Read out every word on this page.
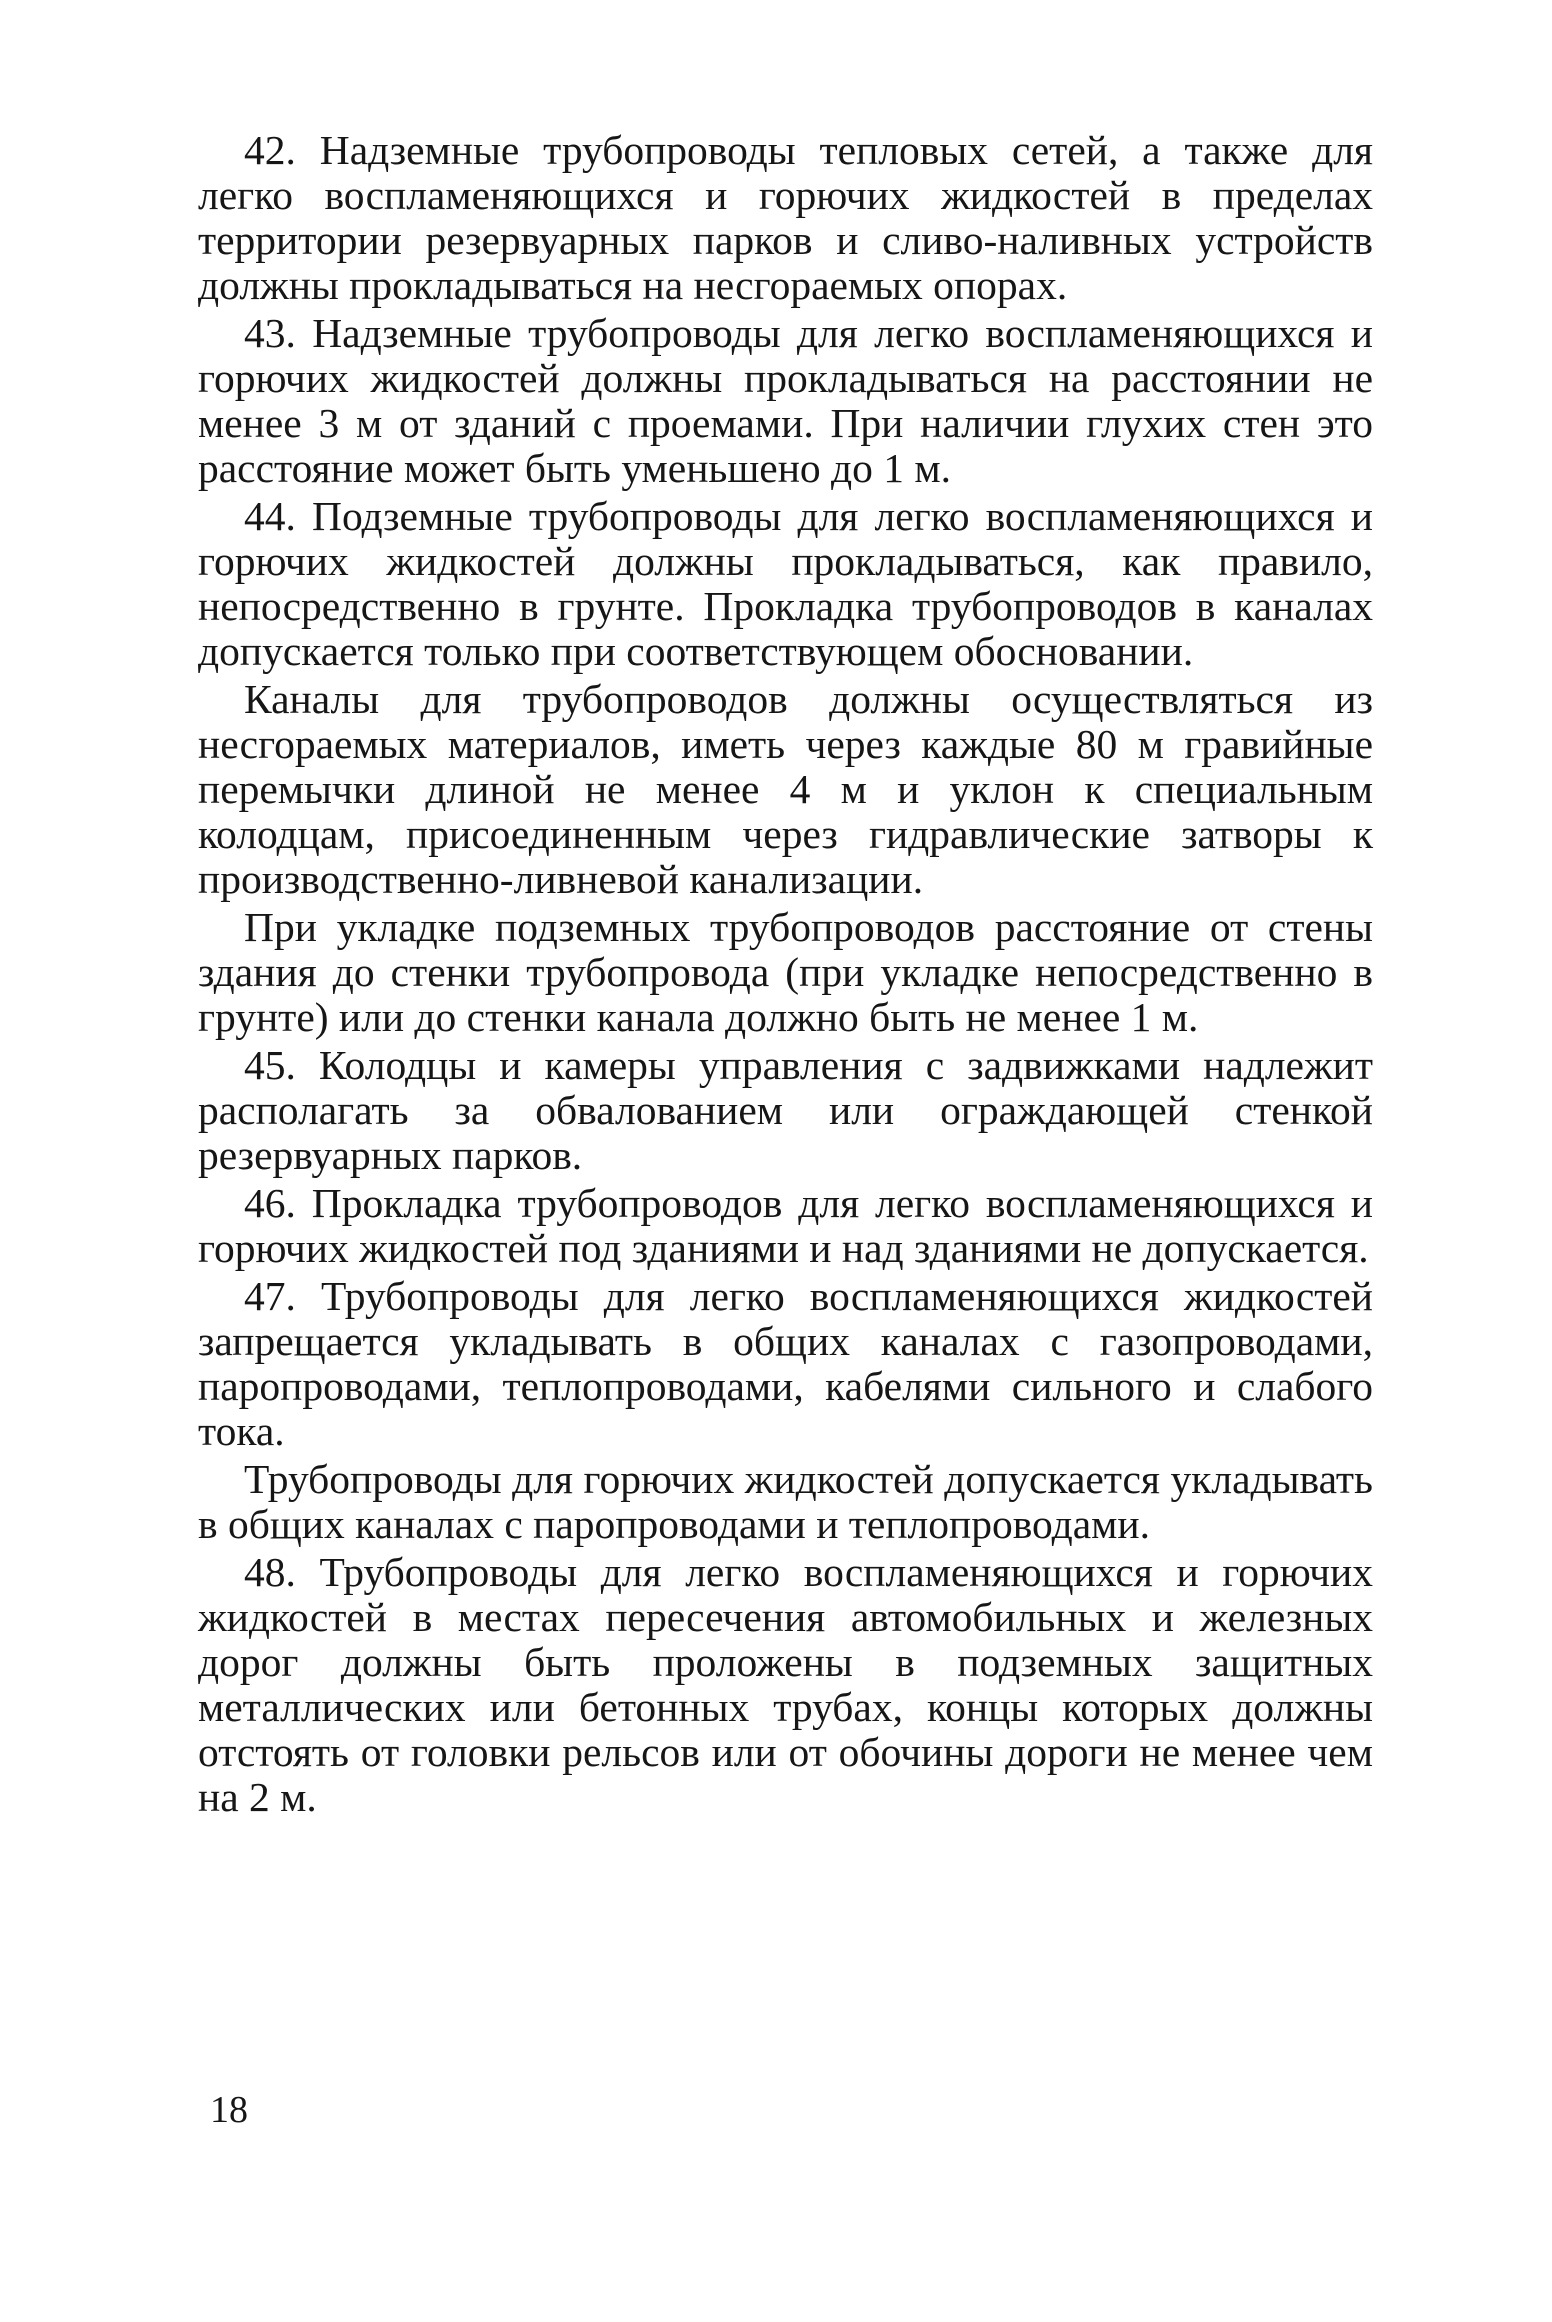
42. Надземные трубопроводы тепловых сетей, а также для легко воспламеняющихся и горючих жидкостей в пределах территории резервуарных парков и сливо-наливных устройств должны прокладываться на несгораемых опорах.

43. Надземные трубопроводы для легко воспламеняющихся и горючих жидкостей должны прокладываться на расстоянии не менее 3 м от зданий с проемами. При наличии глухих стен это расстояние может быть уменьшено до 1 м.

44. Подземные трубопроводы для легко воспламеняющихся и горючих жидкостей должны прокладываться, как правило, непосредственно в грунте. Прокладка трубопроводов в каналах допускается только при соответствующем обосновании.

Каналы для трубопроводов должны осуществляться из несгораемых материалов, иметь через каждые 80 м гравийные перемычки длиной не менее 4 м и уклон к специальным колодцам, присоединенным через гидравлические затворы к производственно-ливневой канализации.

При укладке подземных трубопроводов расстояние от стены здания до стенки трубопровода (при укладке непосредственно в грунте) или до стенки канала должно быть не менее 1 м.

45. Колодцы и камеры управления с задвижками надлежит располагать за обвалованием или ограждающей стенкой резервуарных парков.

46. Прокладка трубопроводов для легко воспламеняющихся и горючих жидкостей под зданиями и над зданиями не допускается.

47. Трубопроводы для легко воспламеняющихся жидкостей запрещается укладывать в общих каналах с газопроводами, паропроводами, теплопроводами, кабелями сильного и слабого тока.

Трубопроводы для горючих жидкостей допускается укладывать в общих каналах с паропроводами и теплопроводами.

48. Трубопроводы для легко воспламеняющихся и горючих жидкостей в местах пересечения автомобильных и железных дорог должны быть проложены в подземных защитных металлических или бетонных трубах, концы которых должны отстоять от головки рельсов или от обочины дороги не менее чем на 2 м.

18
